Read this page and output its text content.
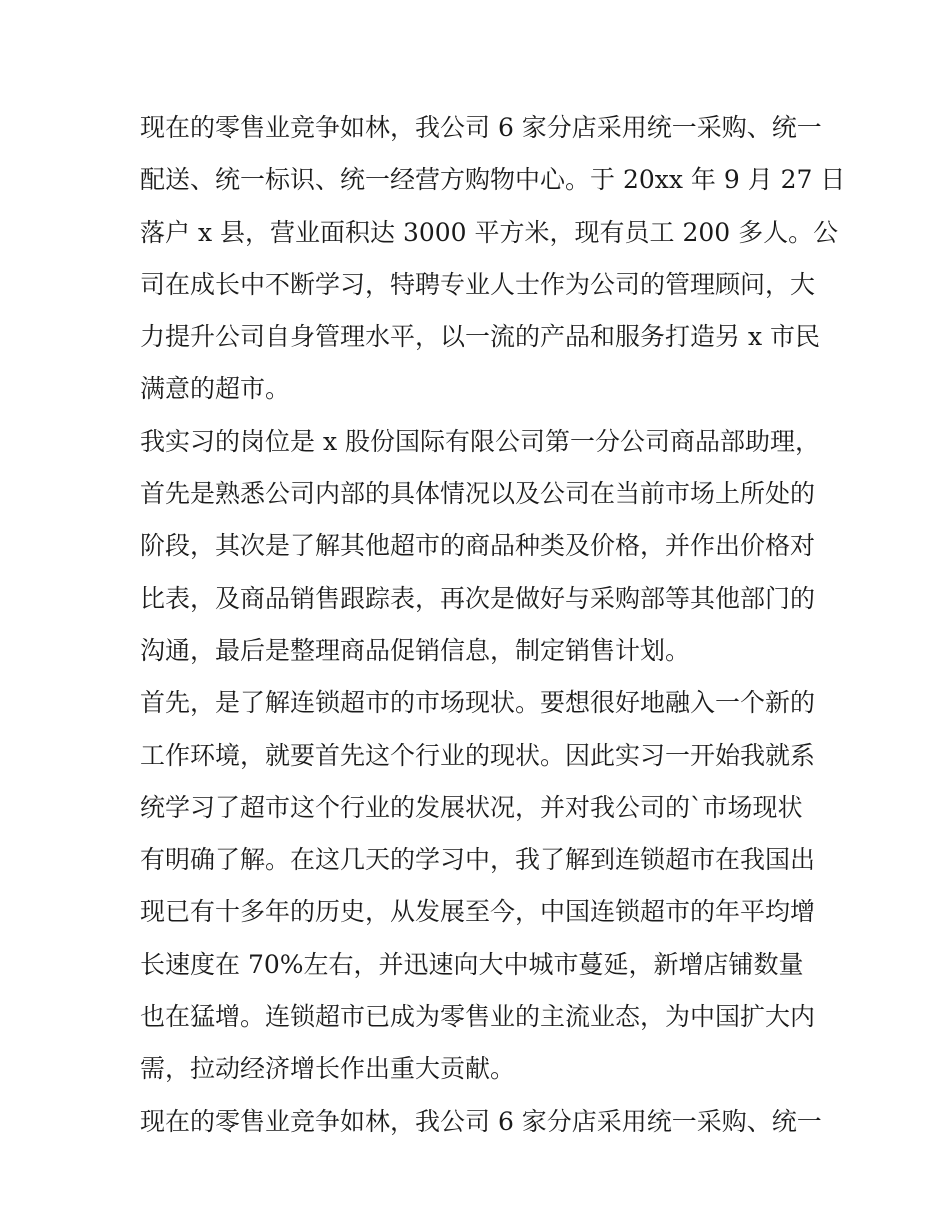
现在的零售业竞争如林，我公司 6 家分店采用统一采购、统一
配送、统一标识、统一经营方购物中心。于 20xx 年 9 月 27 日
落户 x 县，营业面积达 3000 平方米，现有员工 200 多人。公
司在成长中不断学习，特聘专业人士作为公司的管理顾问，大
力提升公司自身管理水平，以一流的产品和服务打造另 x 市民
满意的超市。

我实习的岗位是 x 股份国际有限公司第一分公司商品部助理，
首先是熟悉公司内部的具体情况以及公司在当前市场上所处的
阶段，其次是了解其他超市的商品种类及价格，并作出价格对
比表，及商品销售跟踪表，再次是做好与采购部等其他部门的
沟通，最后是整理商品促销信息，制定销售计划。

首先，是了解连锁超市的市场现状。要想很好地融入一个新的
工作环境，就要首先这个行业的现状。因此实习一开始我就系
统学习了超市这个行业的发展状况，并对我公司的`市场现状
有明确了解。在这几天的学习中，我了解到连锁超市在我国出
现已有十多年的历史，从发展至今，中国连锁超市的年平均增
长速度在 70%左右，并迅速向大中城市蔓延，新增店铺数量
也在猛增。连锁超市已成为零售业的主流业态，为中国扩大内
需，拉动经济增长作出重大贡献。

现在的零售业竞争如林，我公司 6 家分店采用统一采购、统一
